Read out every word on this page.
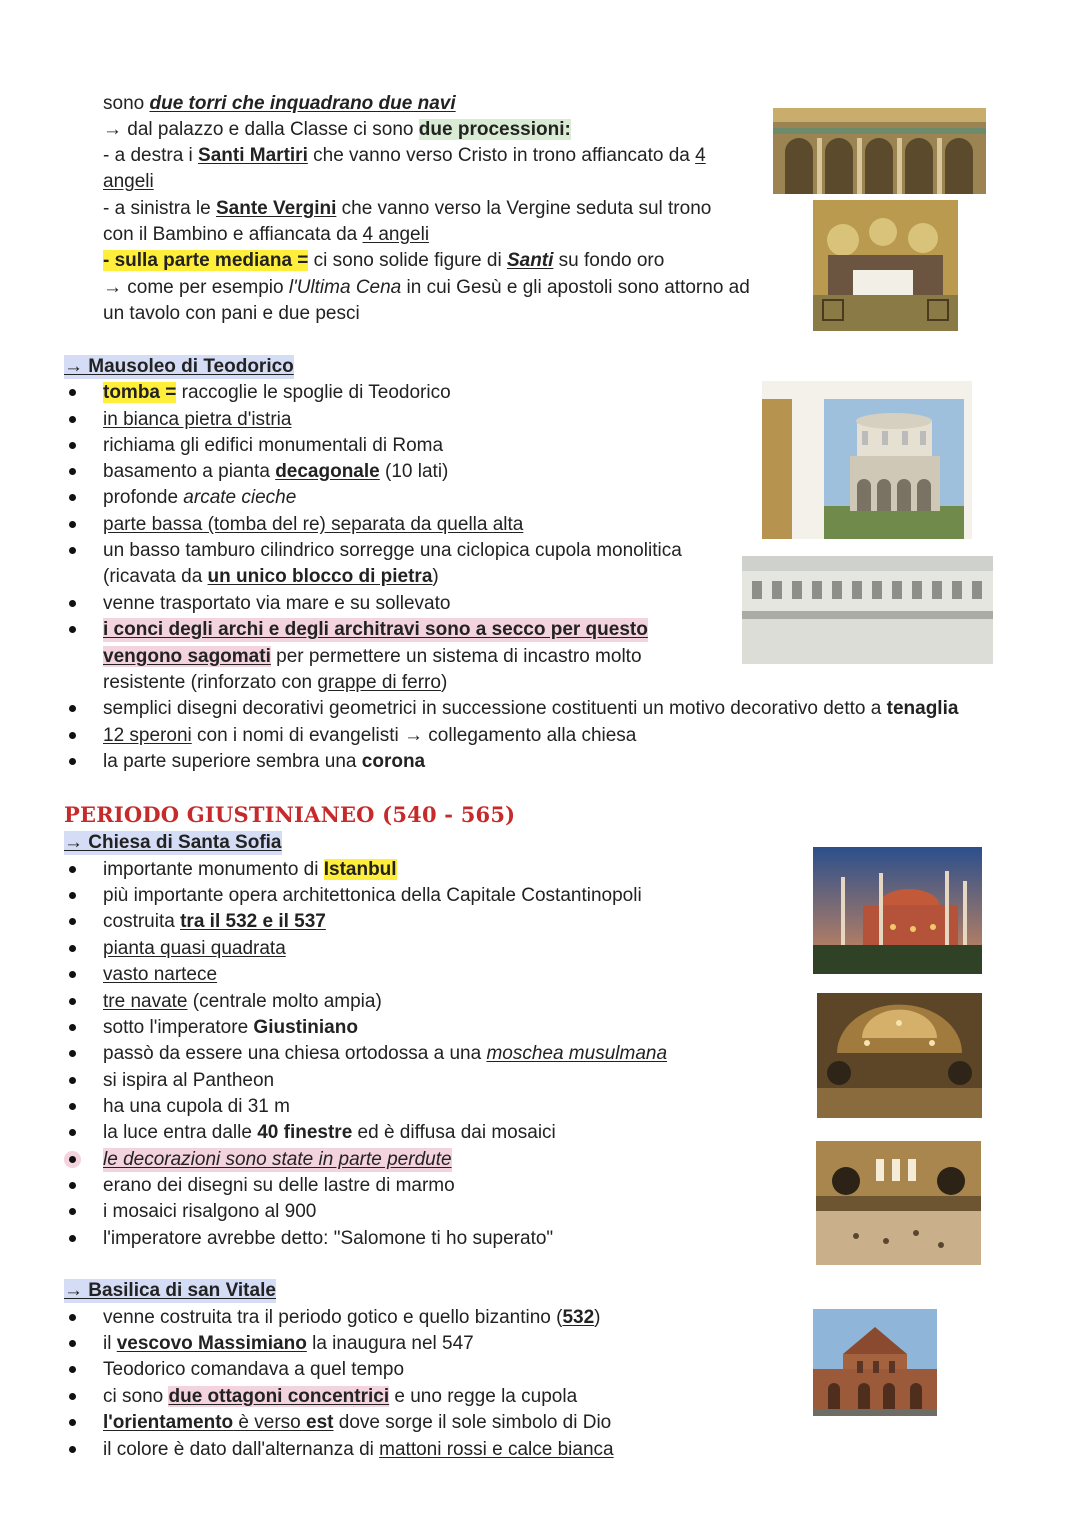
sono due torri che inquadrano due navi
→ dal palazzo e dalla Classe ci sono due processioni:
- a destra i Santi Martiri che vanno verso Cristo in trono affiancato da 4
angeli
- a sinistra le Sante Vergini che vanno verso la Vergine seduta sul trono
con il Bambino e affiancata da 4 angeli
- sulla parte mediana = ci sono solide figure di Santi su fondo oro
→ come per esempio l'Ultima Cena in cui Gesù e gli apostoli sono attorno ad
un tavolo con pani e due pesci
→ Mausoleo di Teodorico
tomba = raccoglie le spoglie di Teodorico
in bianca pietra d'istria
richiama gli edifici monumentali di Roma
basamento a pianta decagonale (10 lati)
profonde arcate cieche
parte bassa (tomba del re) separata da quella alta
un basso tamburo cilindrico sorregge una ciclopica cupola monolitica
(ricavata da un unico blocco di pietra)
venne trasportato via mare e su sollevato
i conci degli archi e degli architravi sono a secco per questo
vengono sagomati per permettere un sistema di incastro molto
resistente (rinforzato con grappe di ferro)
semplici disegni decorativi geometrici in successione costituenti un motivo decorativo detto a tenaglia
12 speroni con i nomi di evangelisti → collegamento alla chiesa
la parte superiore sembra una corona
PERIODO GIUSTINIANEO (540 - 565)
→ Chiesa di Santa Sofia
importante monumento di Istanbul
più importante opera architettonica della Capitale Costantinopoli
costruita tra il 532 e il 537
pianta quasi quadrata
vasto nartece
tre navate (centrale molto ampia)
sotto l'imperatore Giustiniano
passò da essere una chiesa ortodossa a una moschea musulmana
si ispira al Pantheon
ha una cupola di 31 m
la luce entra dalle 40 finestre ed è diffusa dai mosaici
le decorazioni sono state in parte perdute
erano dei disegni su delle lastre di marmo
i mosaici risalgono al 900
l'imperatore avrebbe detto: "Salomone ti ho superato"
→ Basilica di san Vitale
venne costruita tra il periodo gotico e quello bizantino (532)
il vescovo Massimiano la inaugura nel 547
Teodorico comandava a quel tempo
ci sono due ottagoni concentrici e uno regge la cupola
l'orientamento è verso est dove sorge il sole simbolo di Dio
il colore è dato dall'alternanza di mattoni rossi e calce bianca
